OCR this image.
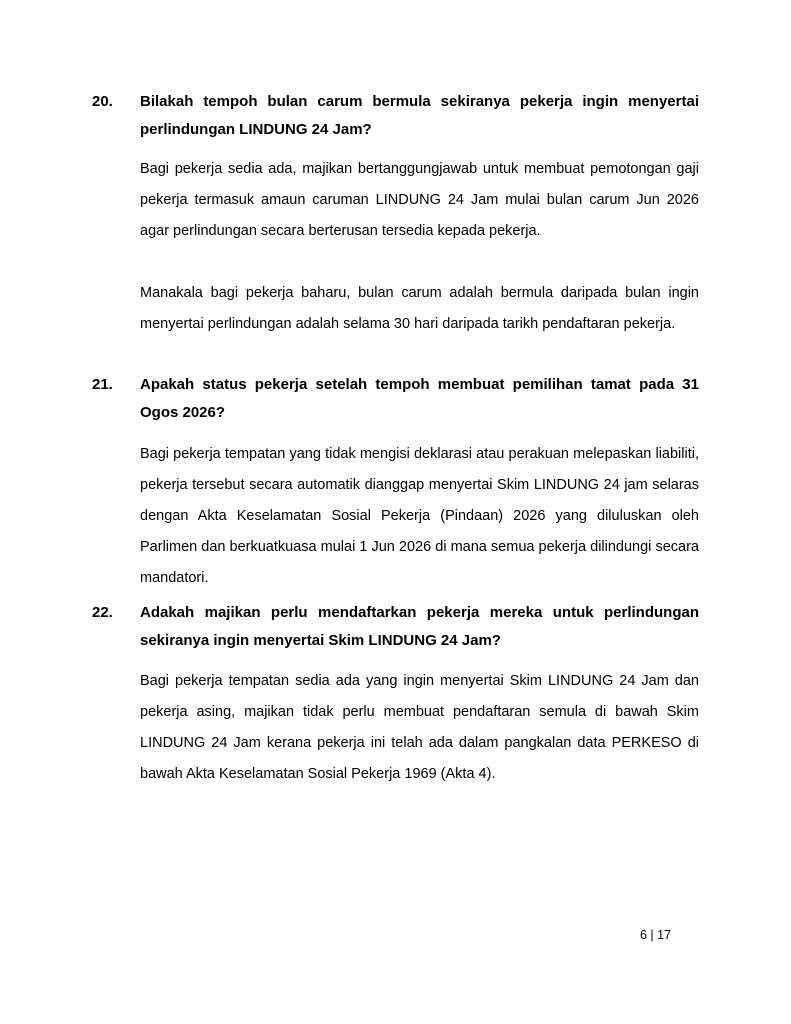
20.	Bilakah tempoh bulan carum bermula sekiranya pekerja ingin menyertai perlindungan LINDUNG 24 Jam?

Bagi pekerja sedia ada, majikan bertanggungjawab untuk membuat pemotongan gaji pekerja termasuk amaun caruman LINDUNG 24 Jam mulai bulan carum Jun 2026 agar perlindungan secara berterusan tersedia kepada pekerja.

Manakala bagi pekerja baharu, bulan carum adalah bermula daripada bulan ingin menyertai perlindungan adalah selama 30 hari daripada tarikh pendaftaran pekerja.

21.	Apakah status pekerja setelah tempoh membuat pemilihan tamat pada 31 Ogos 2026?

Bagi pekerja tempatan yang tidak mengisi deklarasi atau perakuan melepaskan liabiliti, pekerja tersebut secara automatik dianggap menyertai Skim LINDUNG 24 jam selaras dengan Akta Keselamatan Sosial Pekerja (Pindaan) 2026 yang diluluskan oleh Parlimen dan berkuatkuasa mulai 1 Jun 2026 di mana semua pekerja dilindungi secara mandatori.

22.	Adakah majikan perlu mendaftarkan pekerja mereka untuk perlindungan sekiranya ingin menyertai Skim LINDUNG 24 Jam?

Bagi pekerja tempatan sedia ada yang ingin menyertai Skim LINDUNG 24 Jam dan pekerja asing, majikan tidak perlu membuat pendaftaran semula di bawah Skim LINDUNG 24 Jam kerana pekerja ini telah ada dalam pangkalan data PERKESO di bawah Akta Keselamatan Sosial Pekerja 1969 (Akta 4).

6 | 17
